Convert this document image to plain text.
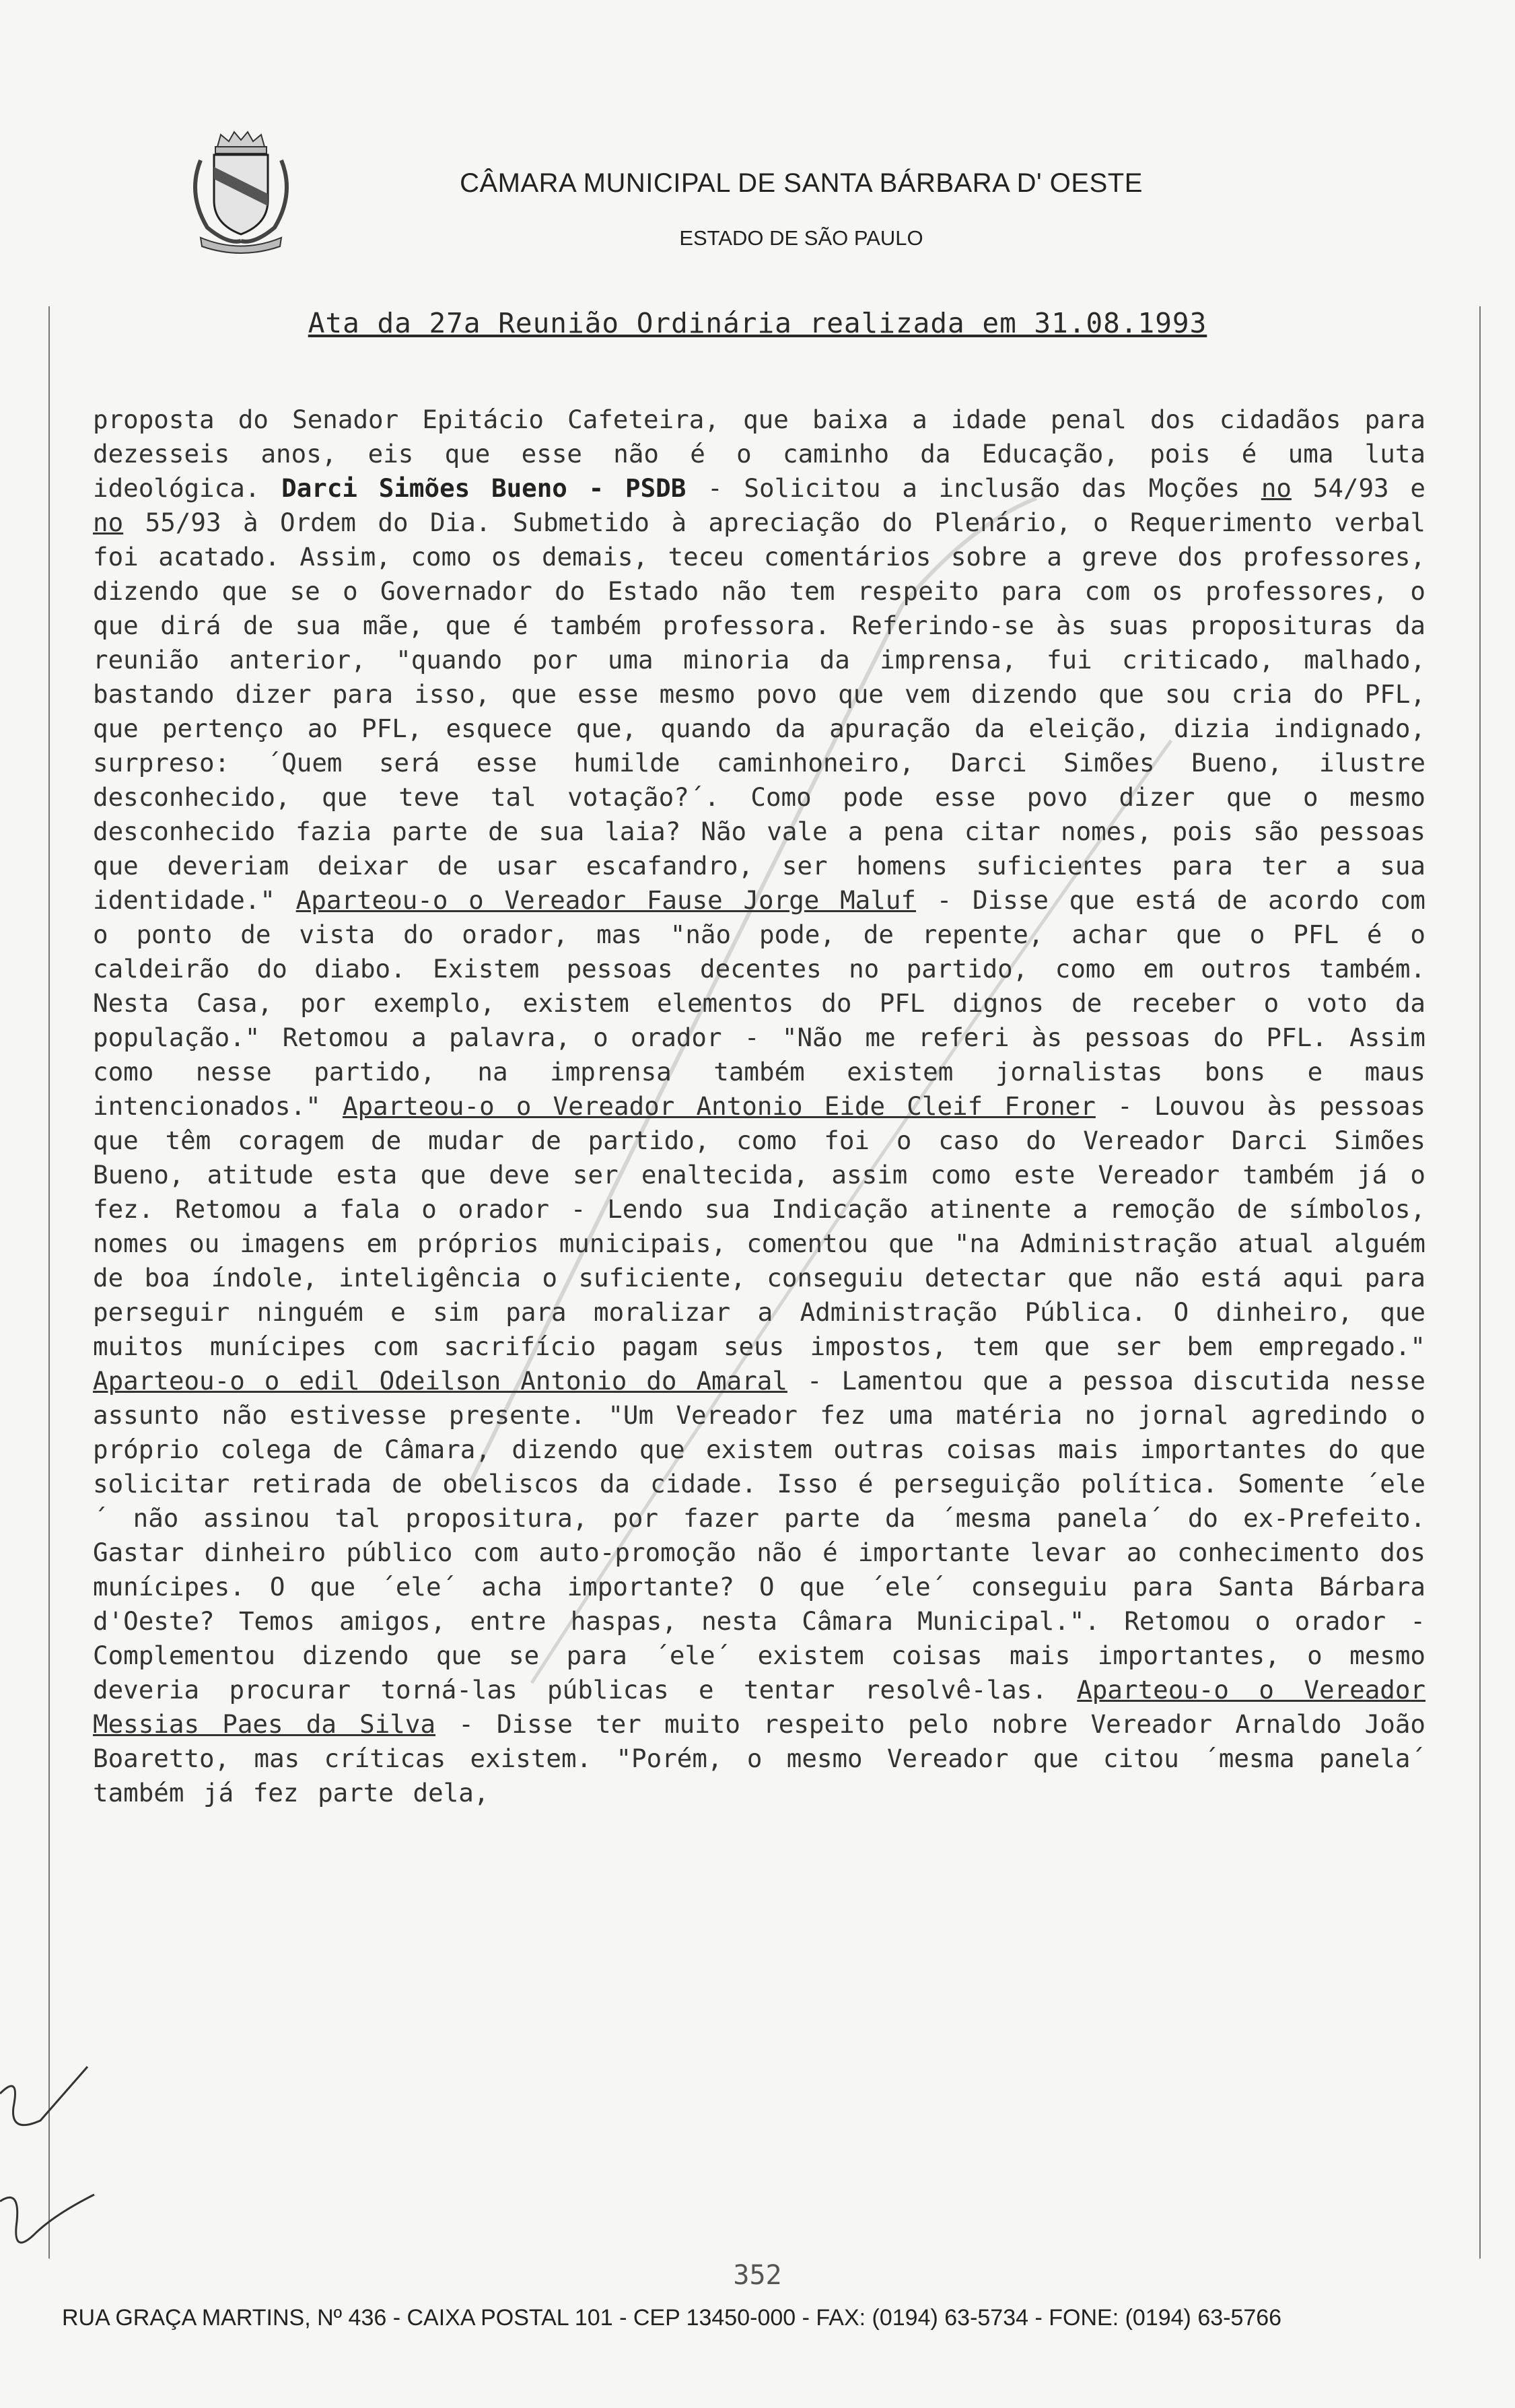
CÂMARA MUNICIPAL DE SANTA BÁRBARA D' OESTE
ESTADO DE SÃO PAULO
Ata da 27a Reunião Ordinária realizada em 31.08.1993
proposta do Senador Epitácio Cafeteira, que baixa a idade penal dos cidadãos para dezesseis anos, eis que esse não é o caminho da Educação, pois é uma luta ideológica. Darci Simões Bueno - PSDB - Solicitou a inclusão das Moções no 54/93 e no 55/93 à Ordem do Dia. Submetido à apreciação do Plenário, o Requerimento verbal foi acatado. Assim, como os demais, teceu comentários sobre a greve dos professores, dizendo que se o Governador do Estado não tem respeito para com os professores, o que dirá de sua mãe, que é também professora. Referindo-se às suas proposituras da reunião anterior, "quando por uma minoria da imprensa, fui criticado, malhado, bastando dizer para isso, que esse mesmo povo que vem dizendo que sou cria do PFL, que pertenço ao PFL, esquece que, quando da apuração da eleição, dizia indignado, surpreso: ´Quem será esse humilde caminhoneiro, Darci Simões Bueno, ilustre desconhecido, que teve tal votação?´. Como pode esse povo dizer que o mesmo desconhecido fazia parte de sua laia? Não vale a pena citar nomes, pois são pessoas que deveriam deixar de usar escafandro, ser homens suficientes para ter a sua identidade." Aparteou-o o Vereador Fause Jorge Maluf - Disse que está de acordo com o ponto de vista do orador, mas "não pode, de repente, achar que o PFL é o caldeirão do diabo. Existem pessoas decentes no partido, como em outros também. Nesta Casa, por exemplo, existem elementos do PFL dignos de receber o voto da população." Retomou a palavra, o orador - "Não me referi às pessoas do PFL. Assim como nesse partido, na imprensa também existem jornalistas bons e maus intencionados." Aparteou-o o Vereador Antonio Eide Cleif Froner - Louvou às pessoas que têm coragem de mudar de partido, como foi o caso do Vereador Darci Simões Bueno, atitude esta que deve ser enaltecida, assim como este Vereador também já o fez. Retomou a fala o orador - Lendo sua Indicação atinente a remoção de símbolos, nomes ou imagens em próprios municipais, comentou que "na Administração atual alguém de boa índole, inteligência o suficiente, conseguiu detectar que não está aqui para perseguir ninguém e sim para moralizar a Administração Pública. O dinheiro, que muitos munícipes com sacrifício pagam seus impostos, tem que ser bem empregado." Aparteou-o o edil Odeilson Antonio do Amaral - Lamentou que a pessoa discutida nesse assunto não estivesse presente. "Um Vereador fez uma matéria no jornal agredindo o próprio colega de Câmara, dizendo que existem outras coisas mais importantes do que solicitar retirada de obeliscos da cidade. Isso é perseguição política. Somente ´ele´ não assinou tal propositura, por fazer parte da ´mesma panela´ do ex-Prefeito. Gastar dinheiro público com auto-promoção não é importante levar ao conhecimento dos munícipes. O que ´ele´ acha importante? O que ´ele´ conseguiu para Santa Bárbara d'Oeste? Temos amigos, entre haspas, nesta Câmara Municipal.". Retomou o orador - Complementou dizendo que se para ´ele´ existem coisas mais importantes, o mesmo deveria procurar torná-las públicas e tentar resolvê-las. Aparteou-o o Vereador Messias Paes da Silva - Disse ter muito respeito pelo nobre Vereador Arnaldo João Boaretto, mas críticas existem. "Porém, o mesmo Vereador que citou ´mesma panela´ também já fez parte dela,
352
RUA GRAÇA MARTINS, Nº 436 - CAIXA POSTAL 101 - CEP 13450-000 - FAX: (0194) 63-5734 - FONE: (0194) 63-5766
